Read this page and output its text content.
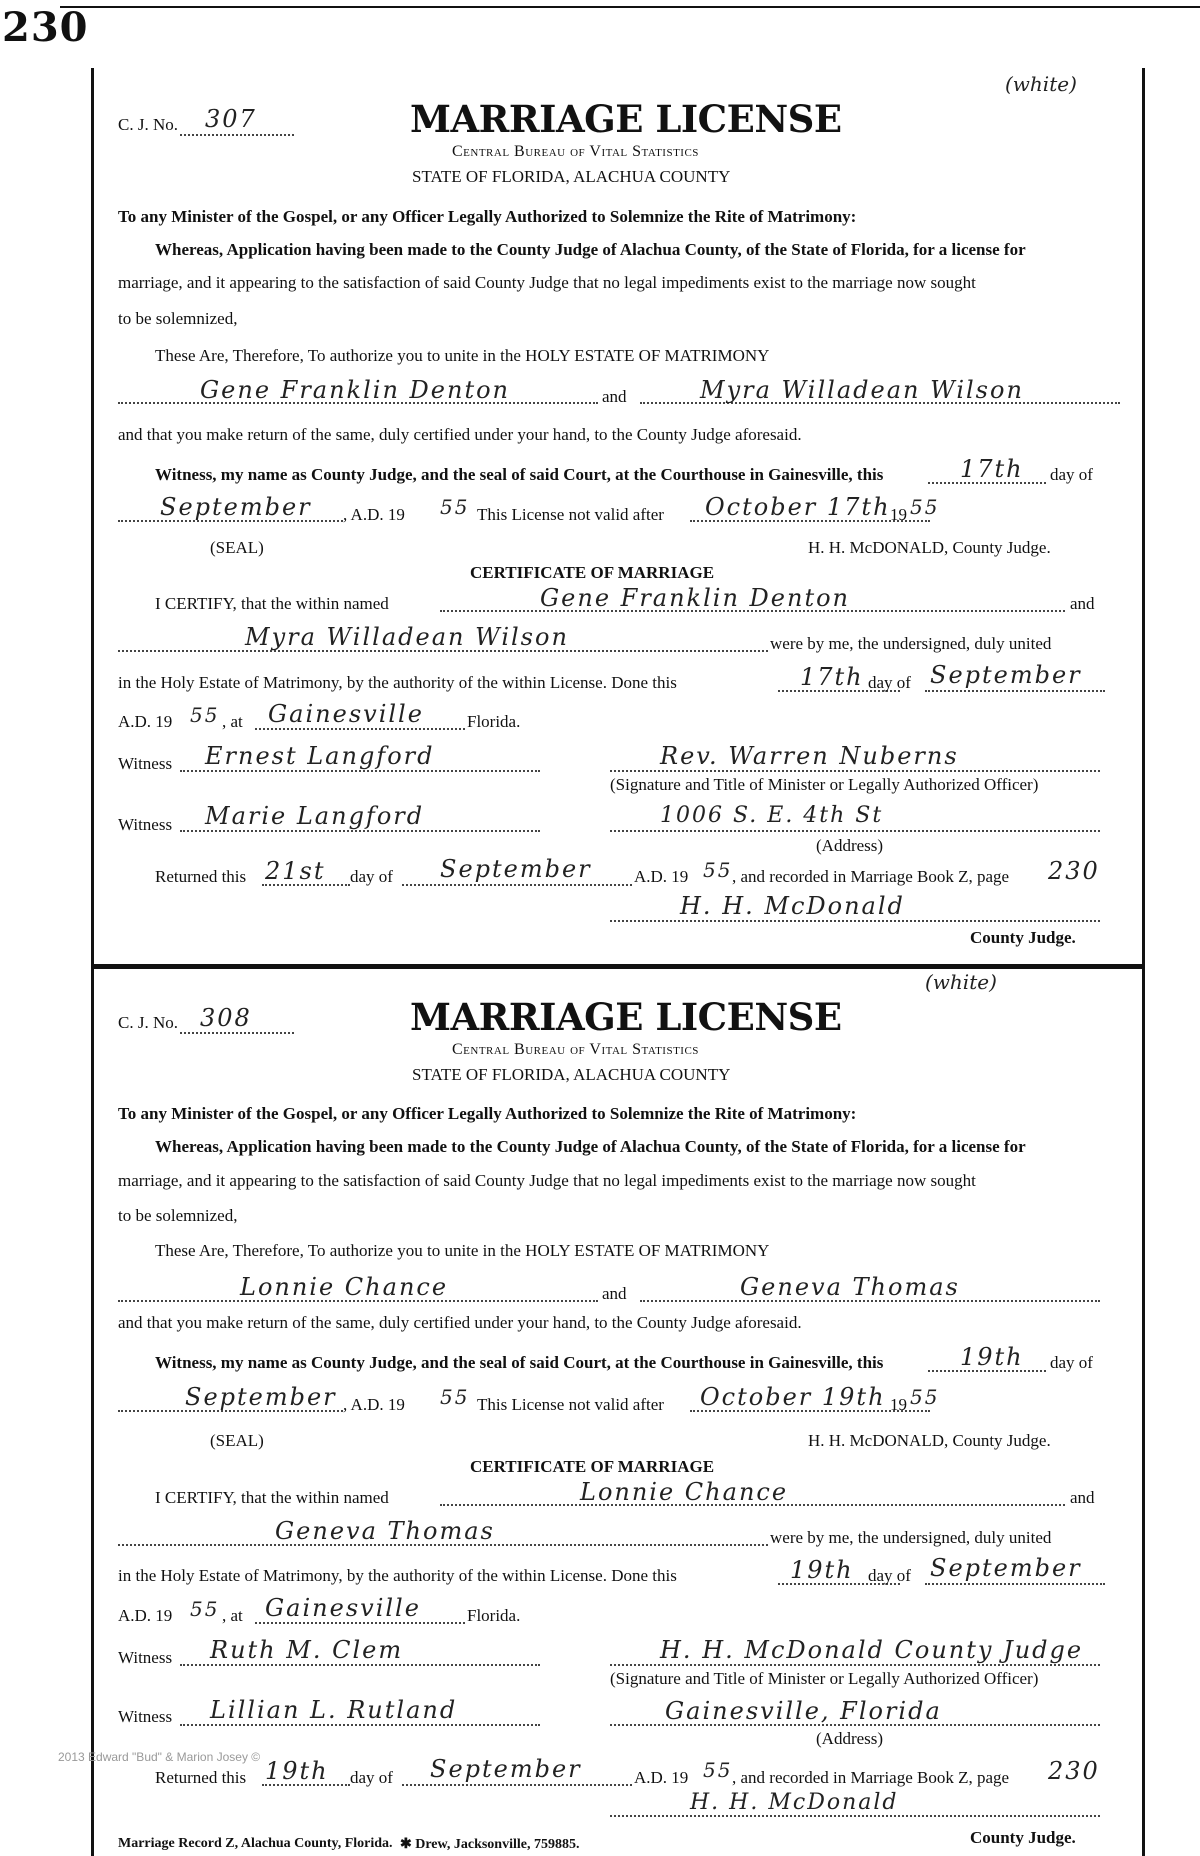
230
(white)
C. J. No. 307	MARRIAGE LICENSE
Central Bureau of Vital Statistics
STATE OF FLORIDA, ALACHUA COUNTY
To any Minister of the Gospel, or any Officer Legally Authorized to Solemnize the Rite of Matrimony:
Whereas, Application having been made to the County Judge of Alachua County, of the State of Florida, for a license for
marriage, and it appearing to the satisfaction of said County Judge that no legal impediments exist to the marriage now sought
to be solemnized,
These Are, Therefore, To authorize you to unite in the HOLY ESTATE OF MATRIMONY
Gene Franklin Denton	and	Myra Willadean Wilson
and that you make return of the same, duly certified under your hand, to the County Judge aforesaid.
Witness, my name as County Judge, and the seal of said Court, at the Courthouse in Gainesville, this	17th day of
September , A.D. 19 55 This License not valid after October 17th 19 55
(SEAL)	H. H. McDONALD, County Judge.
CERTIFICATE OF MARRIAGE
I CERTIFY, that the within named	Gene Franklin Denton	and
Myra Willadean Wilson	were by me, the undersigned, duly united
in the Holy Estate of Matrimony, by the authority of the within License. Done this	17th day of September
A.D. 19 55 , at Gainesville	Florida.
Witness Ernest Langford	Rev. Warren Nuberns
(Signature and Title of Minister or Legally Authorized Officer)
Witness Marie Langford	1006 S. E. 4th St
(Address)
Returned this 21st day of September A.D. 19 55 , and recorded in Marriage Book Z, page 230
H. H. McDonald
County Judge.
(white)
C. J. No. 308	MARRIAGE LICENSE
Central Bureau of Vital Statistics
STATE OF FLORIDA, ALACHUA COUNTY
To any Minister of the Gospel, or any Officer Legally Authorized to Solemnize the Rite of Matrimony:
Whereas, Application having been made to the County Judge of Alachua County, of the State of Florida, for a license for
marriage, and it appearing to the satisfaction of said County Judge that no legal impediments exist to the marriage now sought
to be solemnized,
These Are, Therefore, To authorize you to unite in the HOLY ESTATE OF MATRIMONY
Lonnie Chance	and	Geneva Thomas
and that you make return of the same, duly certified under your hand, to the County Judge aforesaid.
Witness, my name as County Judge, and the seal of said Court, at the Courthouse in Gainesville, this	19th day of
September , A.D. 19 55 This License not valid after October 19th 19 55
(SEAL)	H. H. McDONALD, County Judge.
CERTIFICATE OF MARRIAGE
I CERTIFY, that the within named	Lonnie Chance	and
Geneva Thomas	were by me, the undersigned, duly united
in the Holy Estate of Matrimony, by the authority of the within License. Done this	19th day of September
A.D. 19 55 , at Gainesville	Florida.
Witness Ruth M. Clem	H. H. McDonald County Judge
(Signature and Title of Minister or Legally Authorized Officer)
Witness Lillian L. Rutland	Gainesville, Florida
(Address)
2013 Edward "Bud" & Marion Josey ©
Returned this 19th day of September	A.D. 19 55 , and recorded in Marriage Book Z, page 230
H. H. McDonald
Marriage Record Z, Alachua County, Florida. ✱ Drew, Jacksonville, 759885.	County Judge.
